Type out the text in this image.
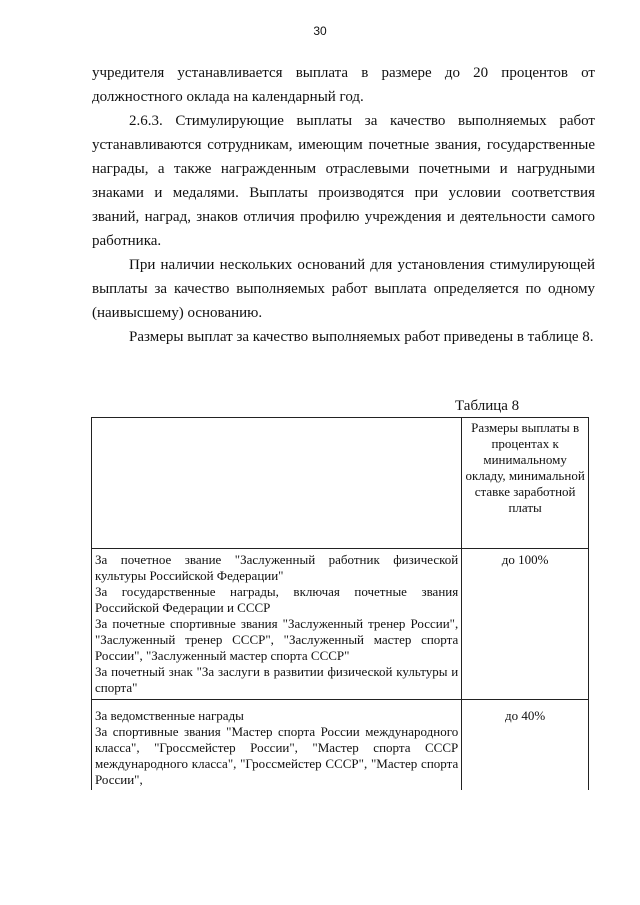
30

учредителя устанавливается выплата в размере до 20 процентов от должностного оклада на календарный год.

2.6.3. Стимулирующие выплаты за качество выполняемых работ устанавливаются сотрудникам, имеющим почетные звания, государственные награды, а также награжденным отраслевыми почетными и нагрудными знаками и медалями. Выплаты производятся при условии соответствия званий, наград, знаков отличия профилю учреждения и деятельности самого работника.

При наличии нескольких оснований для установления стимулирующей выплаты за качество выполняемых работ выплата определяется по одному (наивысшему) основанию.

Размеры выплат за качество выполняемых работ приведены в таблице 8.

Таблица 8
	Размеры выплаты в процентах к минимальному окладу, минимальной ставке заработной платы

За почетное звание "Заслуженный работник физической культуры Российской Федерации"
За государственные награды, включая почетные звания Российской Федерации и СССР
За почетные спортивные звания "Заслуженный тренер России", "Заслуженный тренер СССР", "Заслуженный мастер спорта России", "Заслуженный мастер спорта СССР"
За почетный знак "За заслуги в развитии физической культуры и спорта"	до 100%

За ведомственные награды
За спортивные звания "Мастер спорта России международного класса", "Гроссмейстер России", "Мастер спорта СССР международного класса", "Гроссмейстер СССР", "Мастер спорта России",	до 40%
